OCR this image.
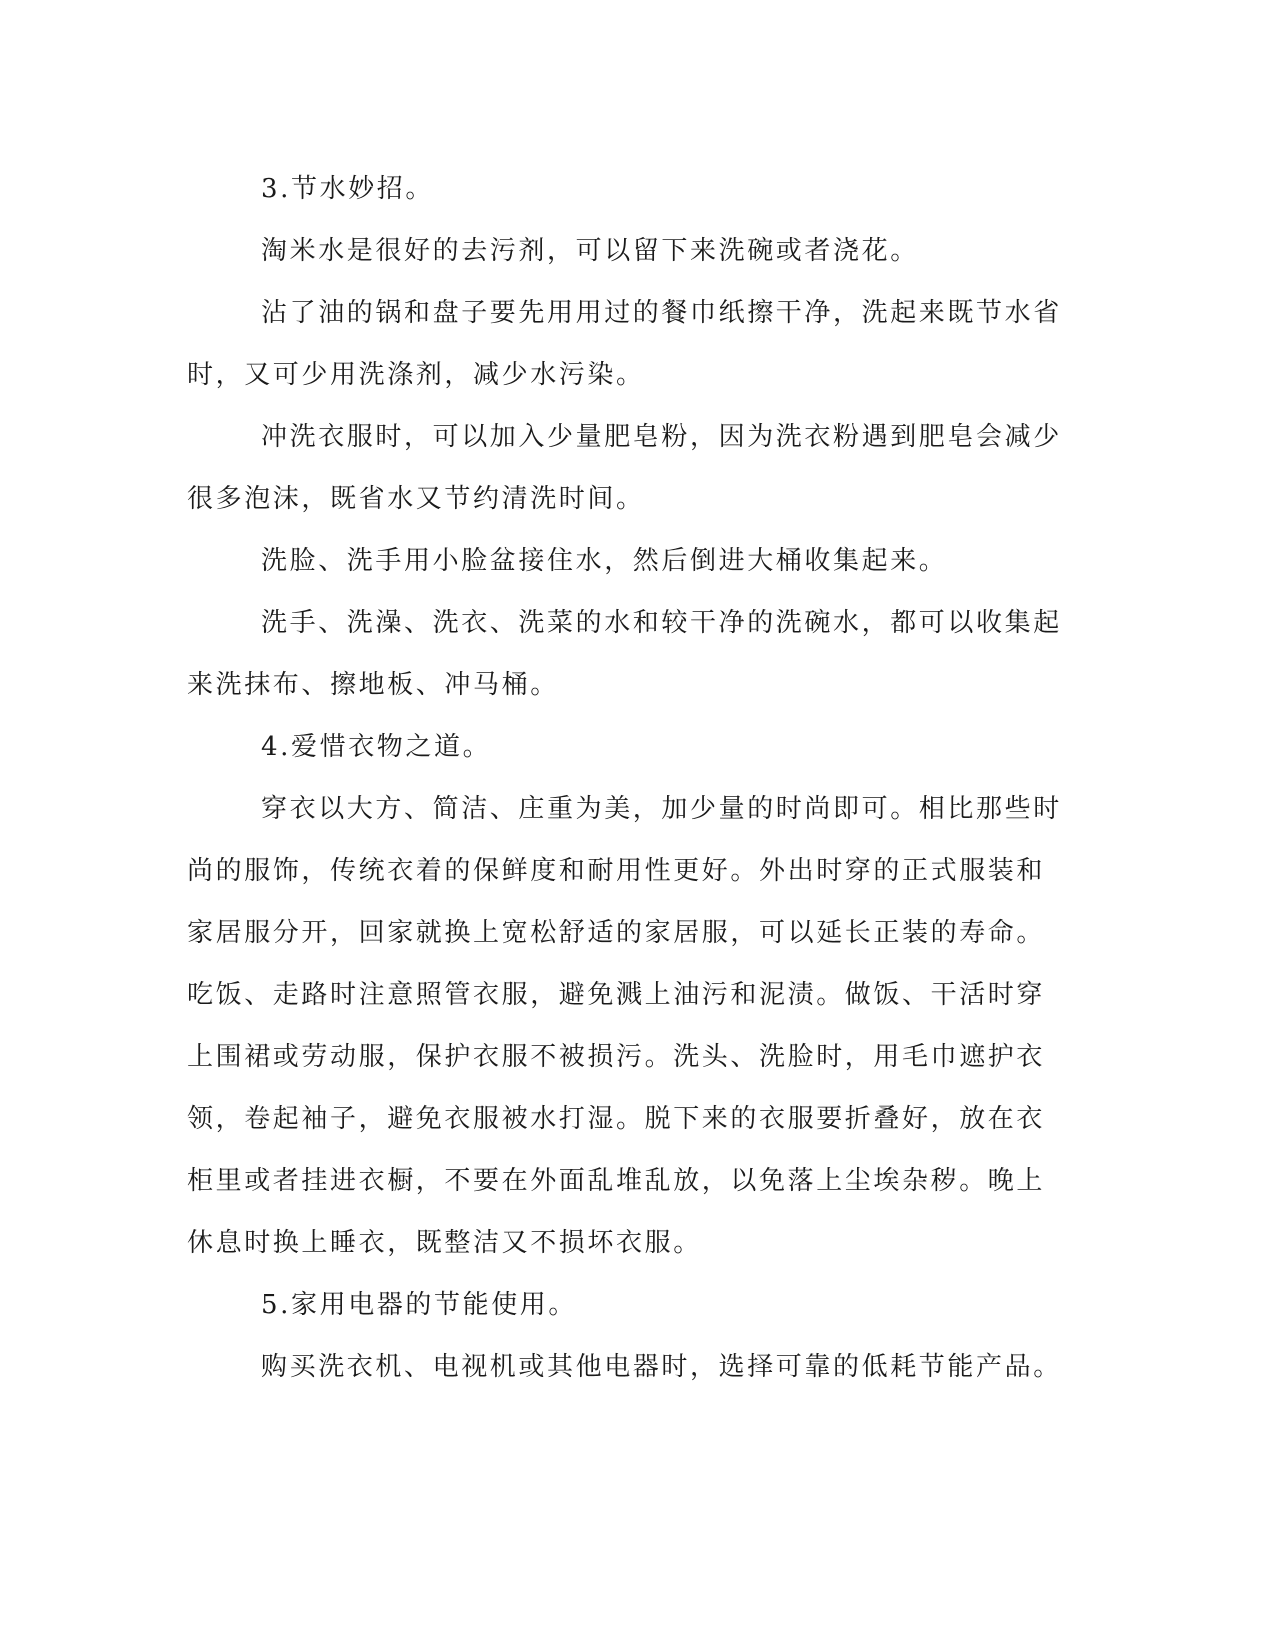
3.节水妙招。

淘米水是很好的去污剂，可以留下来洗碗或者浇花。

沾了油的锅和盘子要先用用过的餐巾纸擦干净，洗起来既节水省

时，又可少用洗涤剂，减少水污染。

冲洗衣服时，可以加入少量肥皂粉，因为洗衣粉遇到肥皂会减少

很多泡沫，既省水又节约清洗时间。

洗脸、洗手用小脸盆接住水，然后倒进大桶收集起来。

洗手、洗澡、洗衣、洗菜的水和较干净的洗碗水，都可以收集起

来洗抹布、擦地板、冲马桶。

4.爱惜衣物之道。

穿衣以大方、简洁、庄重为美，加少量的时尚即可。相比那些时

尚的服饰，传统衣着的保鲜度和耐用性更好。外出时穿的正式服装和

家居服分开，回家就换上宽松舒适的家居服，可以延长正装的寿命。

吃饭、走路时注意照管衣服，避免溅上油污和泥渍。做饭、干活时穿

上围裙或劳动服，保护衣服不被损污。洗头、洗脸时，用毛巾遮护衣

领，卷起袖子，避免衣服被水打湿。脱下来的衣服要折叠好，放在衣

柜里或者挂进衣橱，不要在外面乱堆乱放，以免落上尘埃杂秽。晚上

休息时换上睡衣，既整洁又不损坏衣服。

5.家用电器的节能使用。

购买洗衣机、电视机或其他电器时，选择可靠的低耗节能产品。
